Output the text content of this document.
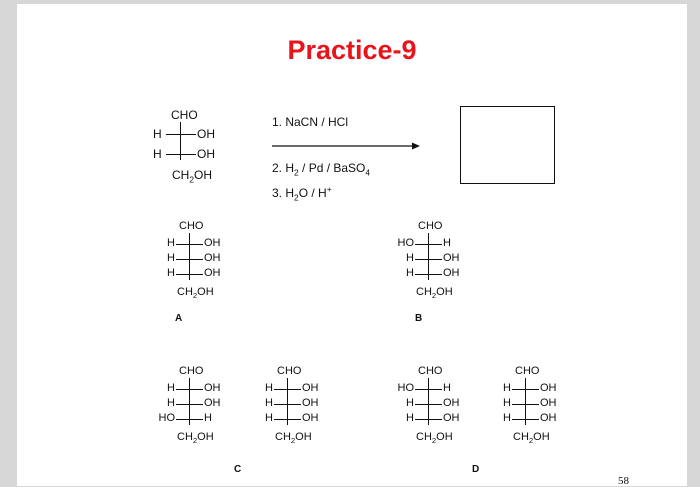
Practice-9
CHO
H	OH
H	OH
$CH_2OH$
1. NaCN / HCl
2. $H_2$ / Pd / BaSO$_4$
3. $H_2O / H^+$
CHO
H	OH
H	OH
H	OH
$CH_2OH$
CHO
HO	H
H	OH
H	OH
$CH_2OH$
CHO
H	OH
H	OH
HO	H
$CH_2OH$
CHO
H	OH
H	OH
H	OH
$CH_2OH$
CHO
HO	H
H	OH
H	OH
$CH_2OH$
CHO
H	OH
H	OH
H	OH
$CH_2OH$
A	B
C	D
58
